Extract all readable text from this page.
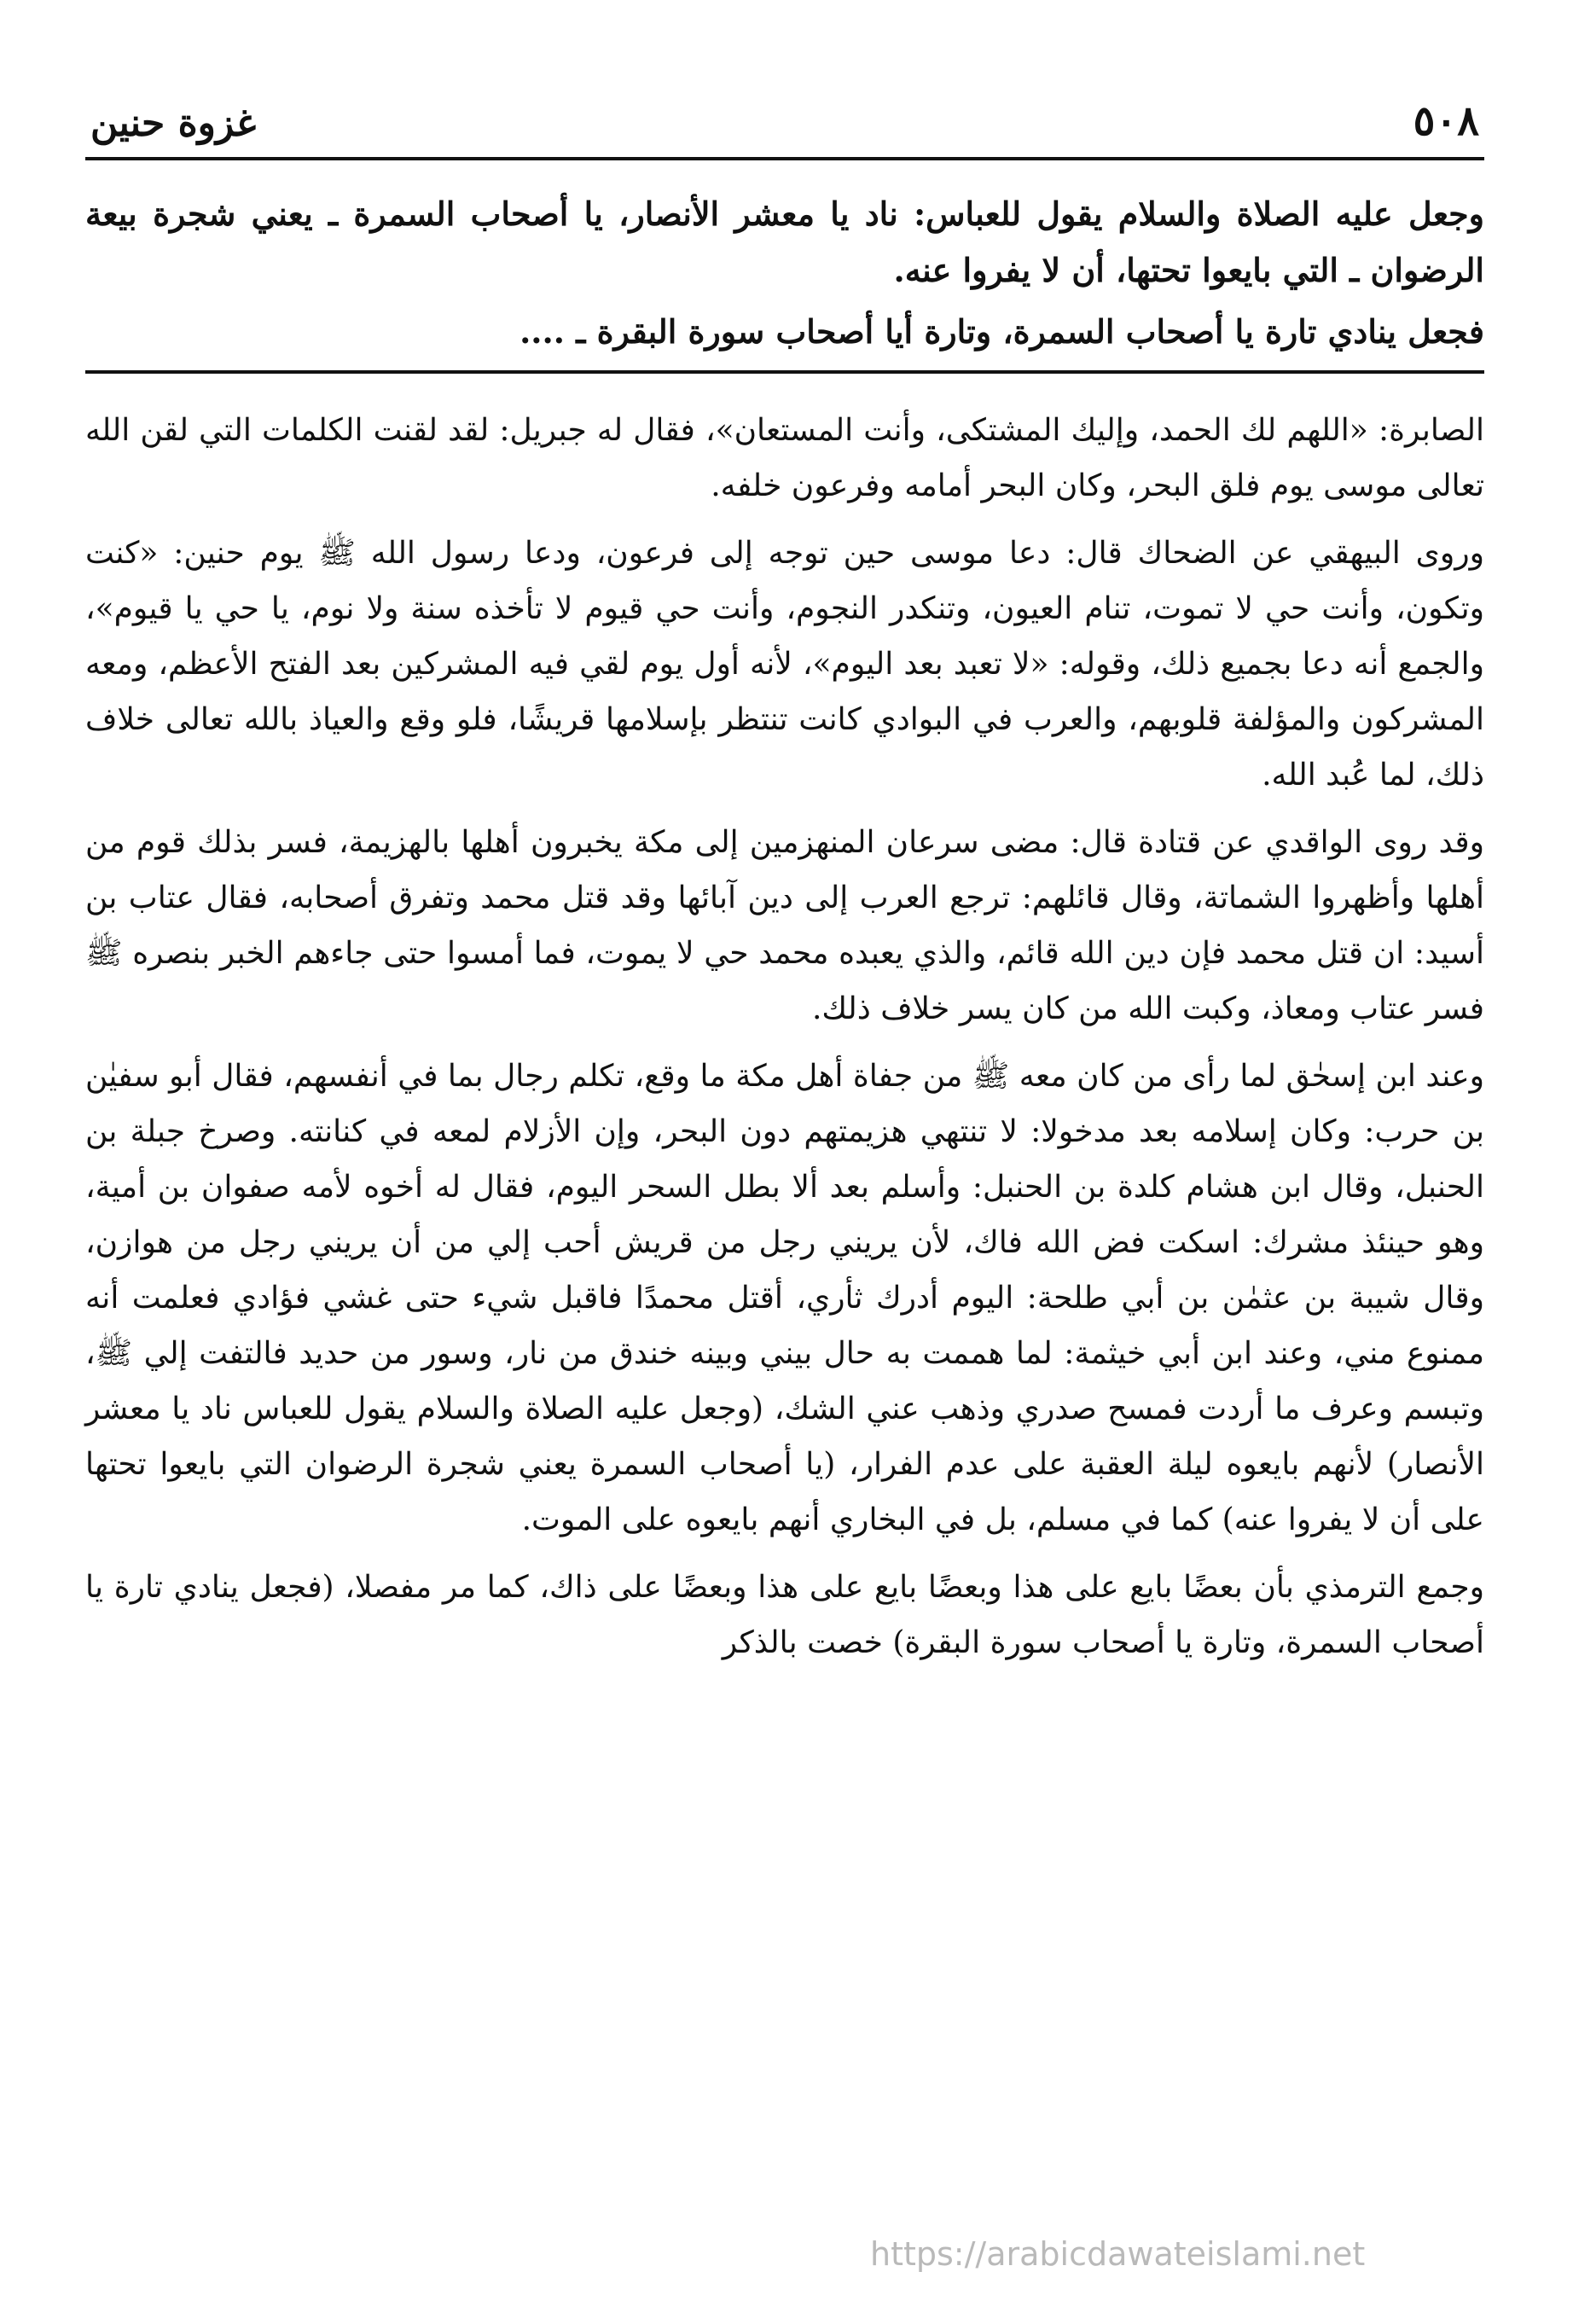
٥٠٨
غزوة حنين

وجعل عليه الصلاة والسلام يقول للعباس: ناد يا معشر الأنصار، يا أصحاب السمرة ـ يعني شجرة بيعة الرضوان ـ التي بايعوا تحتها، أن لا يفروا عنه.

فجعل ينادي تارة يا أصحاب السمرة، وتارة أيا أصحاب سورة البقرة ـ ....

الصابرة: «اللهم لك الحمد، وإليك المشتكى، وأنت المستعان»، فقال له جبريل: لقد لقنت الكلمات التي لقن الله تعالى موسى يوم فلق البحر، وكان البحر أمامه وفرعون خلفه.

وروى البيهقي عن الضحاك قال: دعا موسى حين توجه إلى فرعون، ودعا رسول الله ﷺ يوم حنين: «كنت وتكون، وأنت حي لا تموت، تنام العيون، وتنكدر النجوم، وأنت حي قيوم لا تأخذه سنة ولا نوم، يا حي يا قيوم»، والجمع أنه دعا بجميع ذلك، وقوله: «لا تعبد بعد اليوم»، لأنه أول يوم لقي فيه المشركين بعد الفتح الأعظم، ومعه المشركون والمؤلفة قلوبهم، والعرب في البوادي كانت تنتظر بإسلامها قريشًا، فلو وقع والعياذ بالله تعالى خلاف ذلك، لما عُبد الله.

وقد روى الواقدي عن قتادة قال: مضى سرعان المنهزمين إلى مكة يخبرون أهلها بالهزيمة، فسر بذلك قوم من أهلها وأظهروا الشماتة، وقال قائلهم: ترجع العرب إلى دين آبائها وقد قتل محمد وتفرق أصحابه، فقال عتاب بن أسيد: ان قتل محمد فإن دين الله قائم، والذي يعبده محمد حي لا يموت، فما أمسوا حتى جاءهم الخبر بنصره ﷺ فسر عتاب ومعاذ، وكبت الله من كان يسر خلاف ذلك.

وعند ابن إسحٰق لما رأى من كان معه ﷺ من جفاة أهل مكة ما وقع، تكلم رجال بما في أنفسهم، فقال أبو سفيٰن بن حرب: وكان إسلامه بعد مدخولا: لا تنتهي هزيمتهم دون البحر، وإن الأزلام لمعه في كنانته. وصرخ جبلة بن الحنبل، وقال ابن هشام كلدة بن الحنبل: وأسلم بعد ألا بطل السحر اليوم، فقال له أخوه لأمه صفوان بن أمية، وهو حينئذ مشرك: اسكت فض الله فاك، لأن يريني رجل من قريش أحب إلي من أن يريني رجل من هوازن، وقال شيبة بن عثمٰن بن أبي طلحة: اليوم أدرك ثأري، أقتل محمدًا فاقبل شيء حتى غشي فؤادي فعلمت أنه ممنوع مني، وعند ابن أبي خيثمة: لما هممت به حال بيني وبينه خندق من نار، وسور من حديد فالتفت إلي ﷺ، وتبسم وعرف ما أردت فمسح صدري وذهب عني الشك، (وجعل عليه الصلاة والسلام يقول للعباس ناد يا معشر الأنصار) لأنهم بايعوه ليلة العقبة على عدم الفرار، (يا أصحاب السمرة يعني شجرة الرضوان التي بايعوا تحتها على أن لا يفروا عنه) كما في مسلم، بل في البخاري أنهم بايعوه على الموت.

وجمع الترمذي بأن بعضًا بايع على هذا وبعضًا بايع على هذا وبعضًا على ذاك، كما مر مفصلا، (فجعل ينادي تارة يا أصحاب السمرة، وتارة يا أصحاب سورة البقرة) خصت بالذكر

https://arabicdawateislami.net
